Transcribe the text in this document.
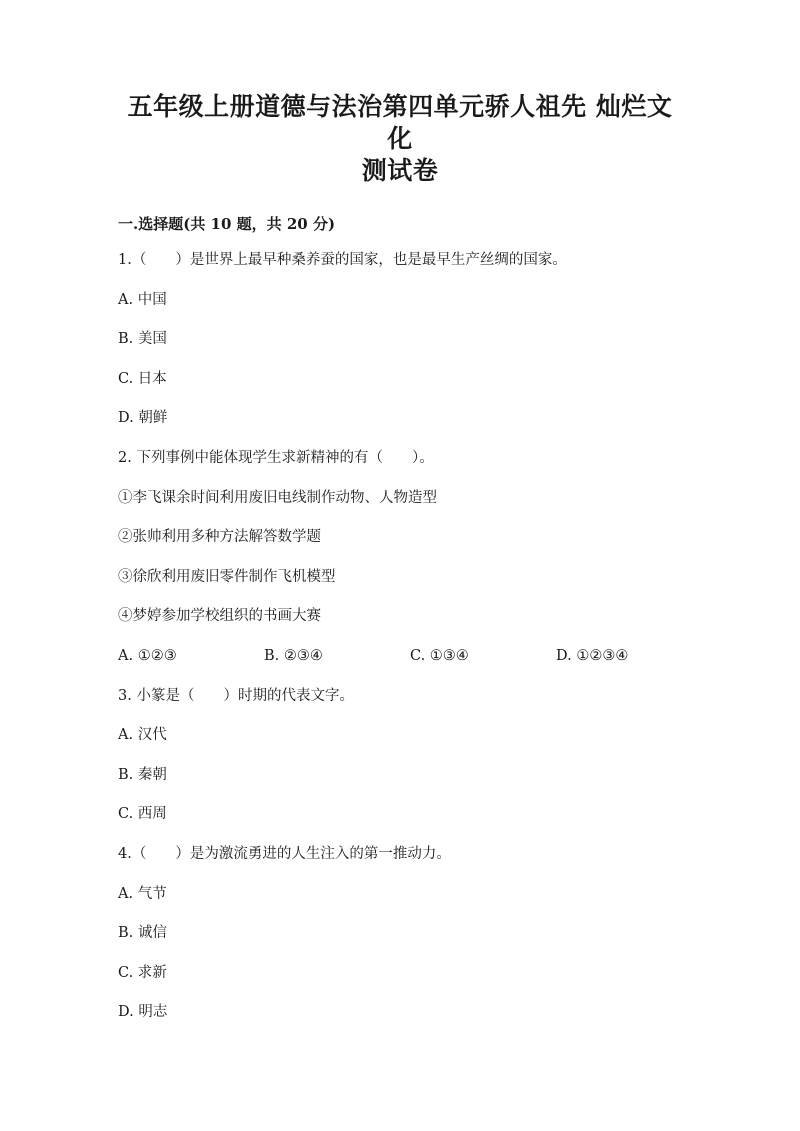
五年级上册道德与法治第四单元骄人祖先 灿烂文化
测试卷
一.选择题(共 10 题，共 20 分)
1.（　　）是世界上最早种桑养蚕的国家，也是最早生产丝绸的国家。
A. 中国
B. 美国
C. 日本
D. 朝鲜
2. 下列事例中能体现学生求新精神的有（　　）。
①李飞课余时间利用废旧电线制作动物、人物造型
②张帅利用多种方法解答数学题
③徐欣利用废旧零件制作飞机模型
④梦婷参加学校组织的书画大赛
A. ①②③	B. ②③④	C. ①③④	D. ①②③④
3. 小篆是（　　）时期的代表文字。
A. 汉代
B. 秦朝
C. 西周
4.（　　）是为激流勇进的人生注入的第一推动力。
A. 气节
B. 诚信
C. 求新
D. 明志
